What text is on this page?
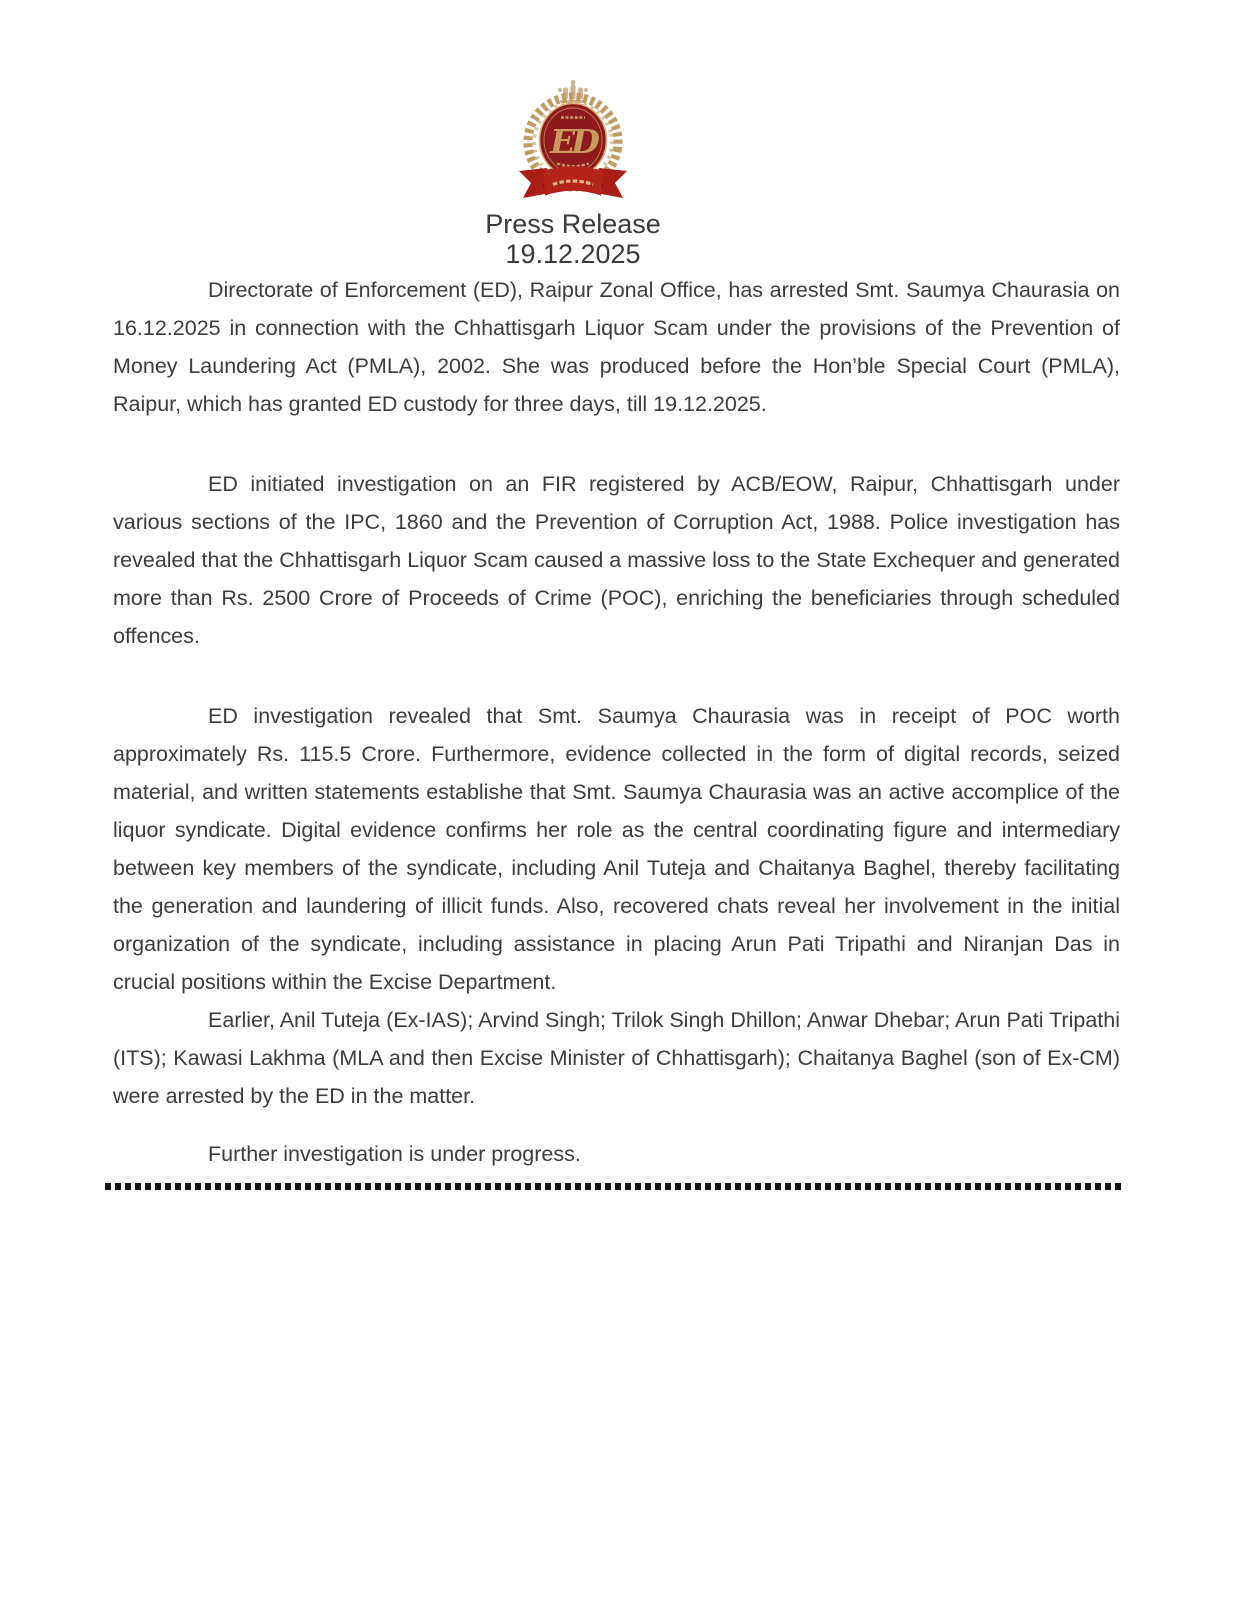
ED
Press Release
19.12.2025

Directorate of Enforcement (ED), Raipur Zonal Office, has arrested Smt. Saumya Chaurasia on 16.12.2025 in connection with the Chhattisgarh Liquor Scam under the provisions of the Prevention of Money Laundering Act (PMLA), 2002. She was produced before the Hon’ble Special Court (PMLA), Raipur, which has granted ED custody for three days, till 19.12.2025.

ED initiated investigation on an FIR registered by ACB/EOW, Raipur, Chhattisgarh under various sections of the IPC, 1860 and the Prevention of Corruption Act, 1988. Police investigation has revealed that the Chhattisgarh Liquor Scam caused a massive loss to the State Exchequer and generated more than Rs. 2500 Crore of Proceeds of Crime (POC), enriching the beneficiaries through scheduled offences.

ED investigation revealed that Smt. Saumya Chaurasia was in receipt of POC worth approximately Rs. 115.5 Crore. Furthermore, evidence collected in the form of digital records, seized material, and written statements establishe that Smt. Saumya Chaurasia was an active accomplice of the liquor syndicate. Digital evidence confirms her role as the central coordinating figure and intermediary between key members of the syndicate, including Anil Tuteja and Chaitanya Baghel, thereby facilitating the generation and laundering of illicit funds. Also, recovered chats reveal her involvement in the initial organization of the syndicate, including assistance in placing Arun Pati Tripathi and Niranjan Das in crucial positions within the Excise Department.

Earlier, Anil Tuteja (Ex-IAS); Arvind Singh; Trilok Singh Dhillon; Anwar Dhebar; Arun Pati Tripathi (ITS); Kawasi Lakhma (MLA and then Excise Minister of Chhattisgarh); Chaitanya Baghel (son of Ex-CM) were arrested by the ED in the matter.

Further investigation is under progress.
